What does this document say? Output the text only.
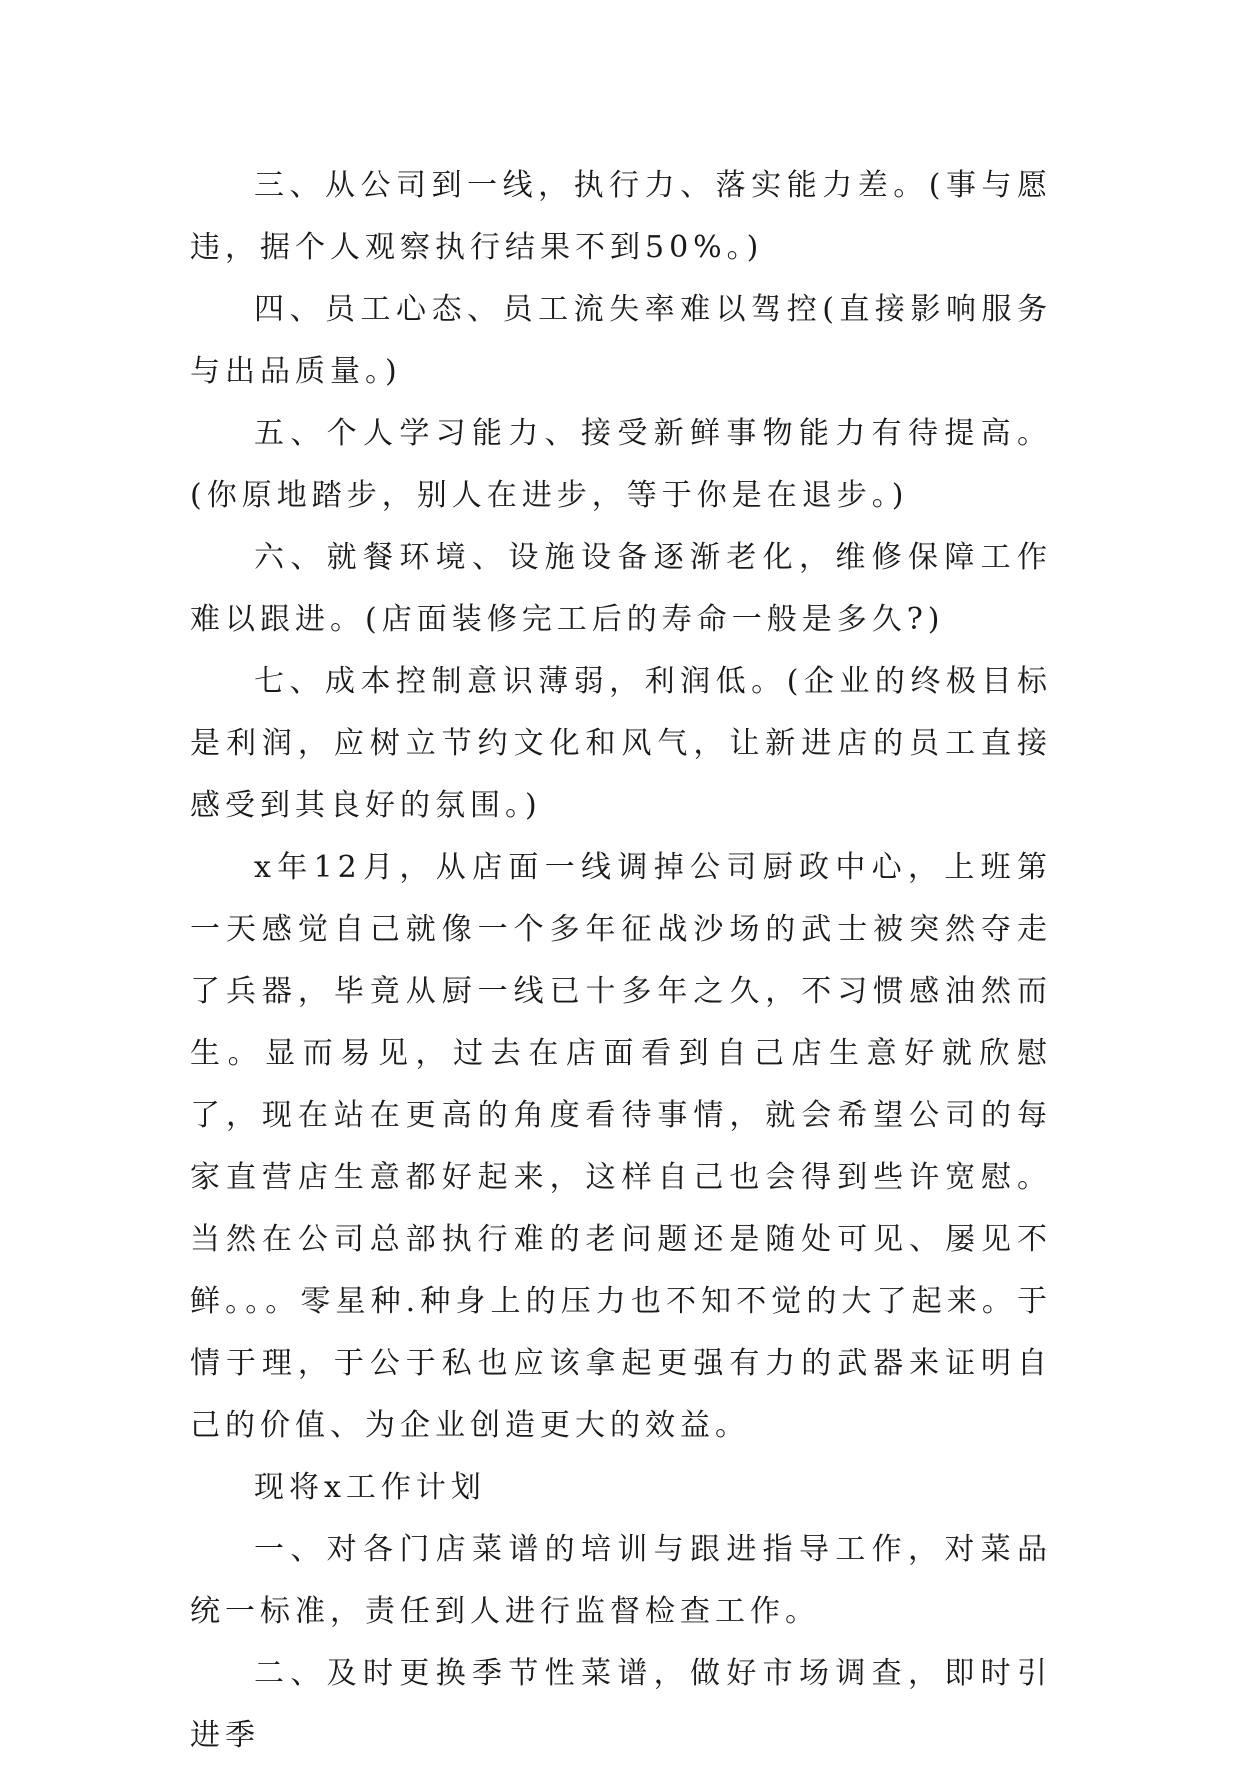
三、从公司到一线，执行力、落实能力差。(事与愿违，据个人观察执行结果不到50%。)

四、员工心态、员工流失率难以驾控(直接影响服务与出品质量。)

五、个人学习能力、接受新鲜事物能力有待提高。(你原地踏步，别人在进步，等于你是在退步。)

六、就餐环境、设施设备逐渐老化，维修保障工作难以跟进。(店面装修完工后的寿命一般是多久?)

七、成本控制意识薄弱，利润低。(企业的终极目标是利润，应树立节约文化和风气，让新进店的员工直接感受到其良好的氛围。)

x年12月，从店面一线调掉公司厨政中心，上班第一天感觉自己就像一个多年征战沙场的武士被突然夺走了兵器，毕竟从厨一线已十多年之久，不习惯感油然而生。显而易见，过去在店面看到自己店生意好就欣慰了，现在站在更高的角度看待事情，就会希望公司的每家直营店生意都好起来，这样自己也会得到些许宽慰。当然在公司总部执行难的老问题还是随处可见、屡见不鲜。。。零星种.种身上的压力也不知不觉的大了起来。于情于理，于公于私也应该拿起更强有力的武器来证明自己的价值、为企业创造更大的效益。

现将x工作计划

一、对各门店菜谱的培训与跟进指导工作，对菜品统一标准，责任到人进行监督检查工作。

二、及时更换季节性菜谱，做好市场调查，即时引进季
